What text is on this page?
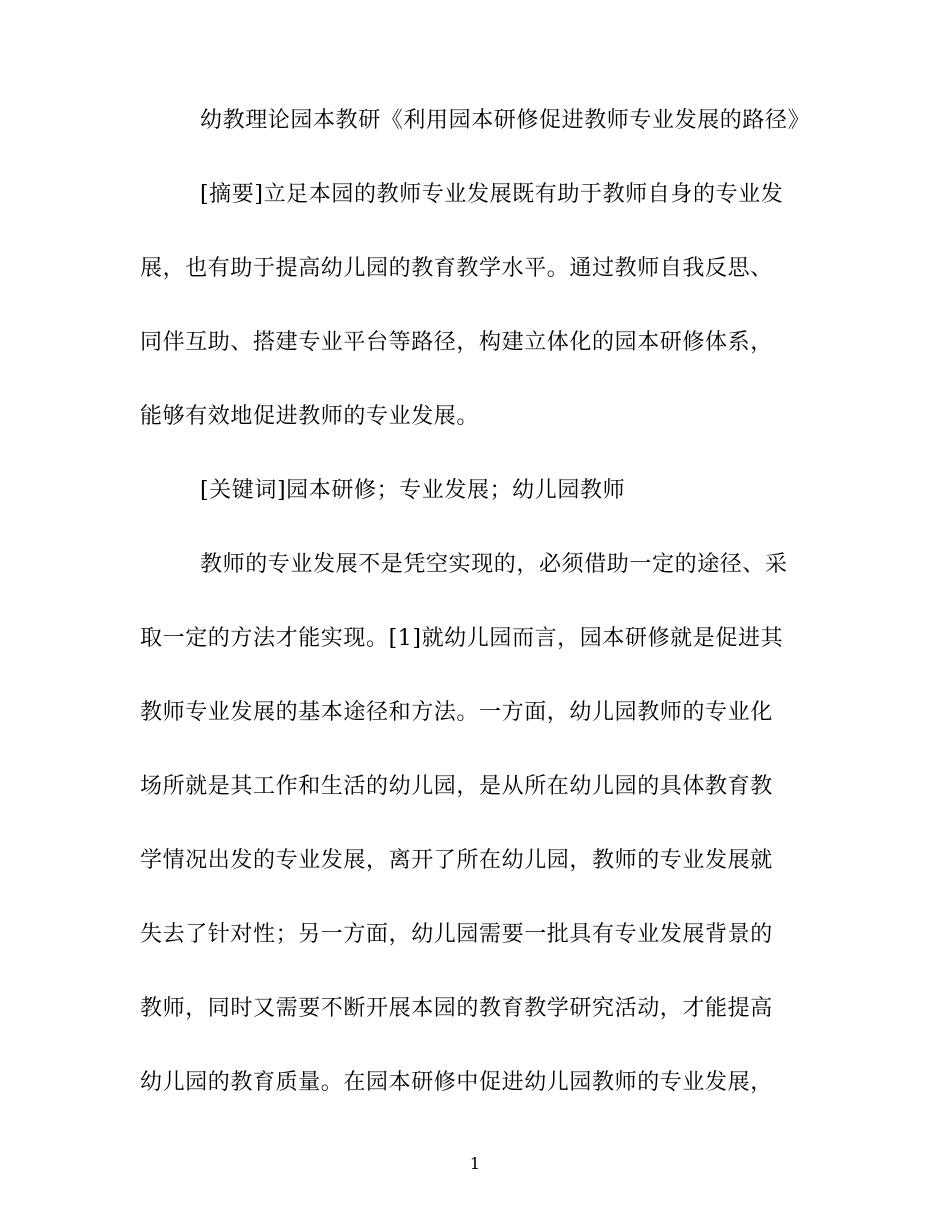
幼教理论园本教研《利用园本研修促进教师专业发展的路径》
[摘要]立足本园的教师专业发展既有助于教师自身的专业发
展，也有助于提高幼儿园的教育教学水平。通过教师自我反思、
同伴互助、搭建专业平台等路径，构建立体化的园本研修体系，
能够有效地促进教师的专业发展。
[关键词]园本研修；专业发展；幼儿园教师
教师的专业发展不是凭空实现的，必须借助一定的途径、采
取一定的方法才能实现。[1]就幼儿园而言，园本研修就是促进其
教师专业发展的基本途径和方法。一方面，幼儿园教师的专业化
场所就是其工作和生活的幼儿园，是从所在幼儿园的具体教育教
学情况出发的专业发展，离开了所在幼儿园，教师的专业发展就
失去了针对性；另一方面，幼儿园需要一批具有专业发展背景的
教师，同时又需要不断开展本园的教育教学研究活动，才能提高
幼儿园的教育质量。在园本研修中促进幼儿园教师的专业发展，
1
